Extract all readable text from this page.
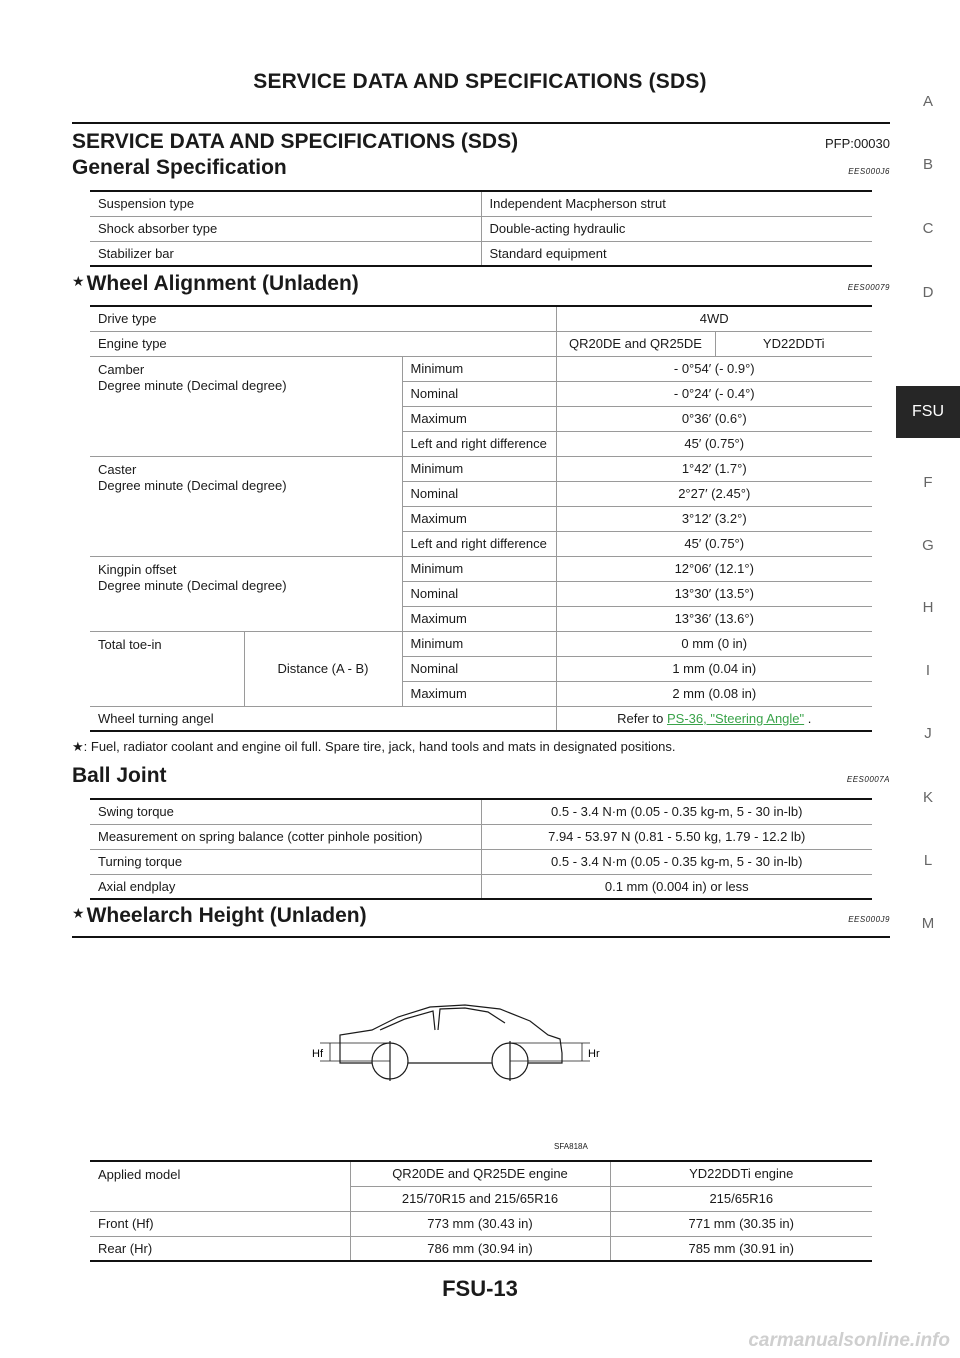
SERVICE DATA AND SPECIFICATIONS (SDS)
SERVICE DATA AND SPECIFICATIONS (SDS)	PFP:00030
General Specification	EES000J6
Suspension type	Independent Macpherson strut
Shock absorber type	Double-acting hydraulic
Stabilizer bar	Standard equipment
★Wheel Alignment (Unladen)	EES00079
Drive type			4WD	
Engine type			QR20DE and QR25DE	YD22DDTi

Camber
Degree minute (Decimal degree)		Minimum	- 0°54′ (- 0.9°)	
		Nominal	- 0°24′ (- 0.4°)	
		Maximum	0°36′ (0.6°)	
		Left and right difference	45′ (0.75°)	

Caster
Degree minute (Decimal degree)		Minimum	1°42′ (1.7°)	
		Nominal	2°27′ (2.45°)	
		Maximum	3°12′ (3.2°)	
		Left and right difference	45′ (0.75°)	

Kingpin offset
Degree minute (Decimal degree)		Minimum	12°06′ (12.1°)	
		Nominal	13°30′ (13.5°)	
		Maximum	13°36′ (13.6°)	
Total toe-in	Distance (A - B)	Minimum	0 mm (0 in)	
		Nominal	1 mm (0.04 in)	
		Maximum	2 mm (0.08 in)	
Wheel turning angel			Refer to PS-36, "Steering Angle" .	
★: Fuel, radiator coolant and engine oil full. Spare tire, jack, hand tools and mats in designated positions.
Ball Joint	EES0007A
Swing torque	0.5 - 3.4 N·m (0.05 - 0.35 kg-m, 5 - 30 in-lb)
Measurement on spring balance (cotter pinhole position)	7.94 - 53.97 N (0.81 - 5.50 kg, 1.79 - 12.2 lb)
Turning torque	0.5 - 3.4 N·m (0.05 - 0.35 kg-m, 5 - 30 in-lb)
Axial endplay	0.1 mm (0.004 in) or less
★Wheelarch Height (Unladen)	EES000J9
Hf	Hr
SFA818A
Applied model	QR20DE and QR25DE engine	YD22DDTi engine
	215/70R15 and 215/65R16	215/65R16
Front (Hf)	773 mm (30.43 in)	771 mm (30.35 in)
Rear (Hr)	786 mm (30.94 in)	785 mm (30.91 in)
A
B
C
D
FSU
F
G
H
I
J
K
L
M
FSU-13
carmanualsonline.info
